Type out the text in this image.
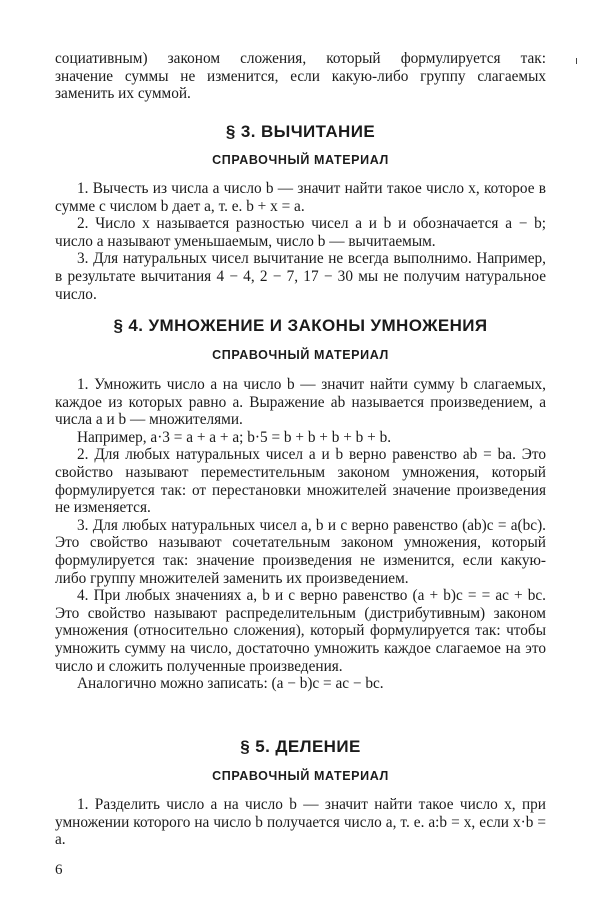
социативным) законом сложения, который формулируется так:

значение суммы не изменится, если какую-либо группу слагаемых

заменить их суммой.

§ 3. ВЫЧИТАНИЕ
СПРАВОЧНЫЙ МАТЕРИАЛ

1. Вычесть из числа a число b — значит найти такое число x, которое в сумме с числом b дает a, т. е. b + x = a.

2. Число x называется разностью чисел a и b и обозначается a − b; число a называют уменьшаемым, число b — вычитаемым.

3. Для натуральных чисел вычитание не всегда выполнимо. Например, в результате вычитания 4 − 4, 2 − 7, 17 − 30 мы не получим натуральное число.

§ 4. УМНОЖЕНИЕ И ЗАКОНЫ УМНОЖЕНИЯ
СПРАВОЧНЫЙ МАТЕРИАЛ

1. Умножить число a на число b — значит найти сумму b слагаемых, каждое из которых равно a. Выражение ab называется произведением, а числа a и b — множителями.

Например, a·3 = a + a + a; b·5 = b + b + b + b + b.

2. Для любых натуральных чисел a и b верно равенство ab = ba. Это свойство называют переместительным законом умножения, который формулируется так: от перестановки множителей значение произведения не изменяется.

3. Для любых натуральных чисел a, b и c верно равенство (ab)c = a(bc). Это свойство называют сочетательным законом умножения, который формулируется так: значение произведения не изменится, если какую-либо группу множителей заменить их произведением.

4. При любых значениях a, b и c верно равенство (a + b)c = = ac + bc. Это свойство называют распределительным (дистрибутивным) законом умножения (относительно сложения), который формулируется так: чтобы умножить сумму на число, достаточно умножить каждое слагаемое на это число и сложить полученные произведения.

Аналогично можно записать: (a − b)c = ac − bc.

§ 5. ДЕЛЕНИЕ
СПРАВОЧНЫЙ МАТЕРИАЛ

1. Разделить число a на число b — значит найти такое число x, при умножении которого на число b получается число a, т. е. a:b = x, если x·b = a.

6
